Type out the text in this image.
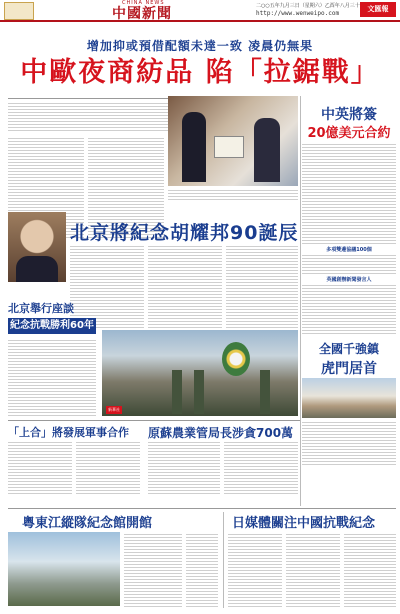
CHINA NEWS
中國新聞	二○○五年九月三日（星期六）乙酉年八月三十
http://www.wenweipo.com
文匯報
增加抑或預借配額未達一致 凌晨仍無果
中歐夜商紡品 陷「拉鋸戰」
中英將簽
20億美元合約
多項雙邊協議100個
英國創辦新聞發言人
北京將紀念胡耀邦90誕辰
北京舉行座談
紀念抗戰勝利60年
新華社
全國千強鎮
虎門居首
「上合」將發展軍事合作 原蘇農業管局長涉貪700萬
粵東江縱隊紀念館開館	日媒體關注中國抗戰紀念
